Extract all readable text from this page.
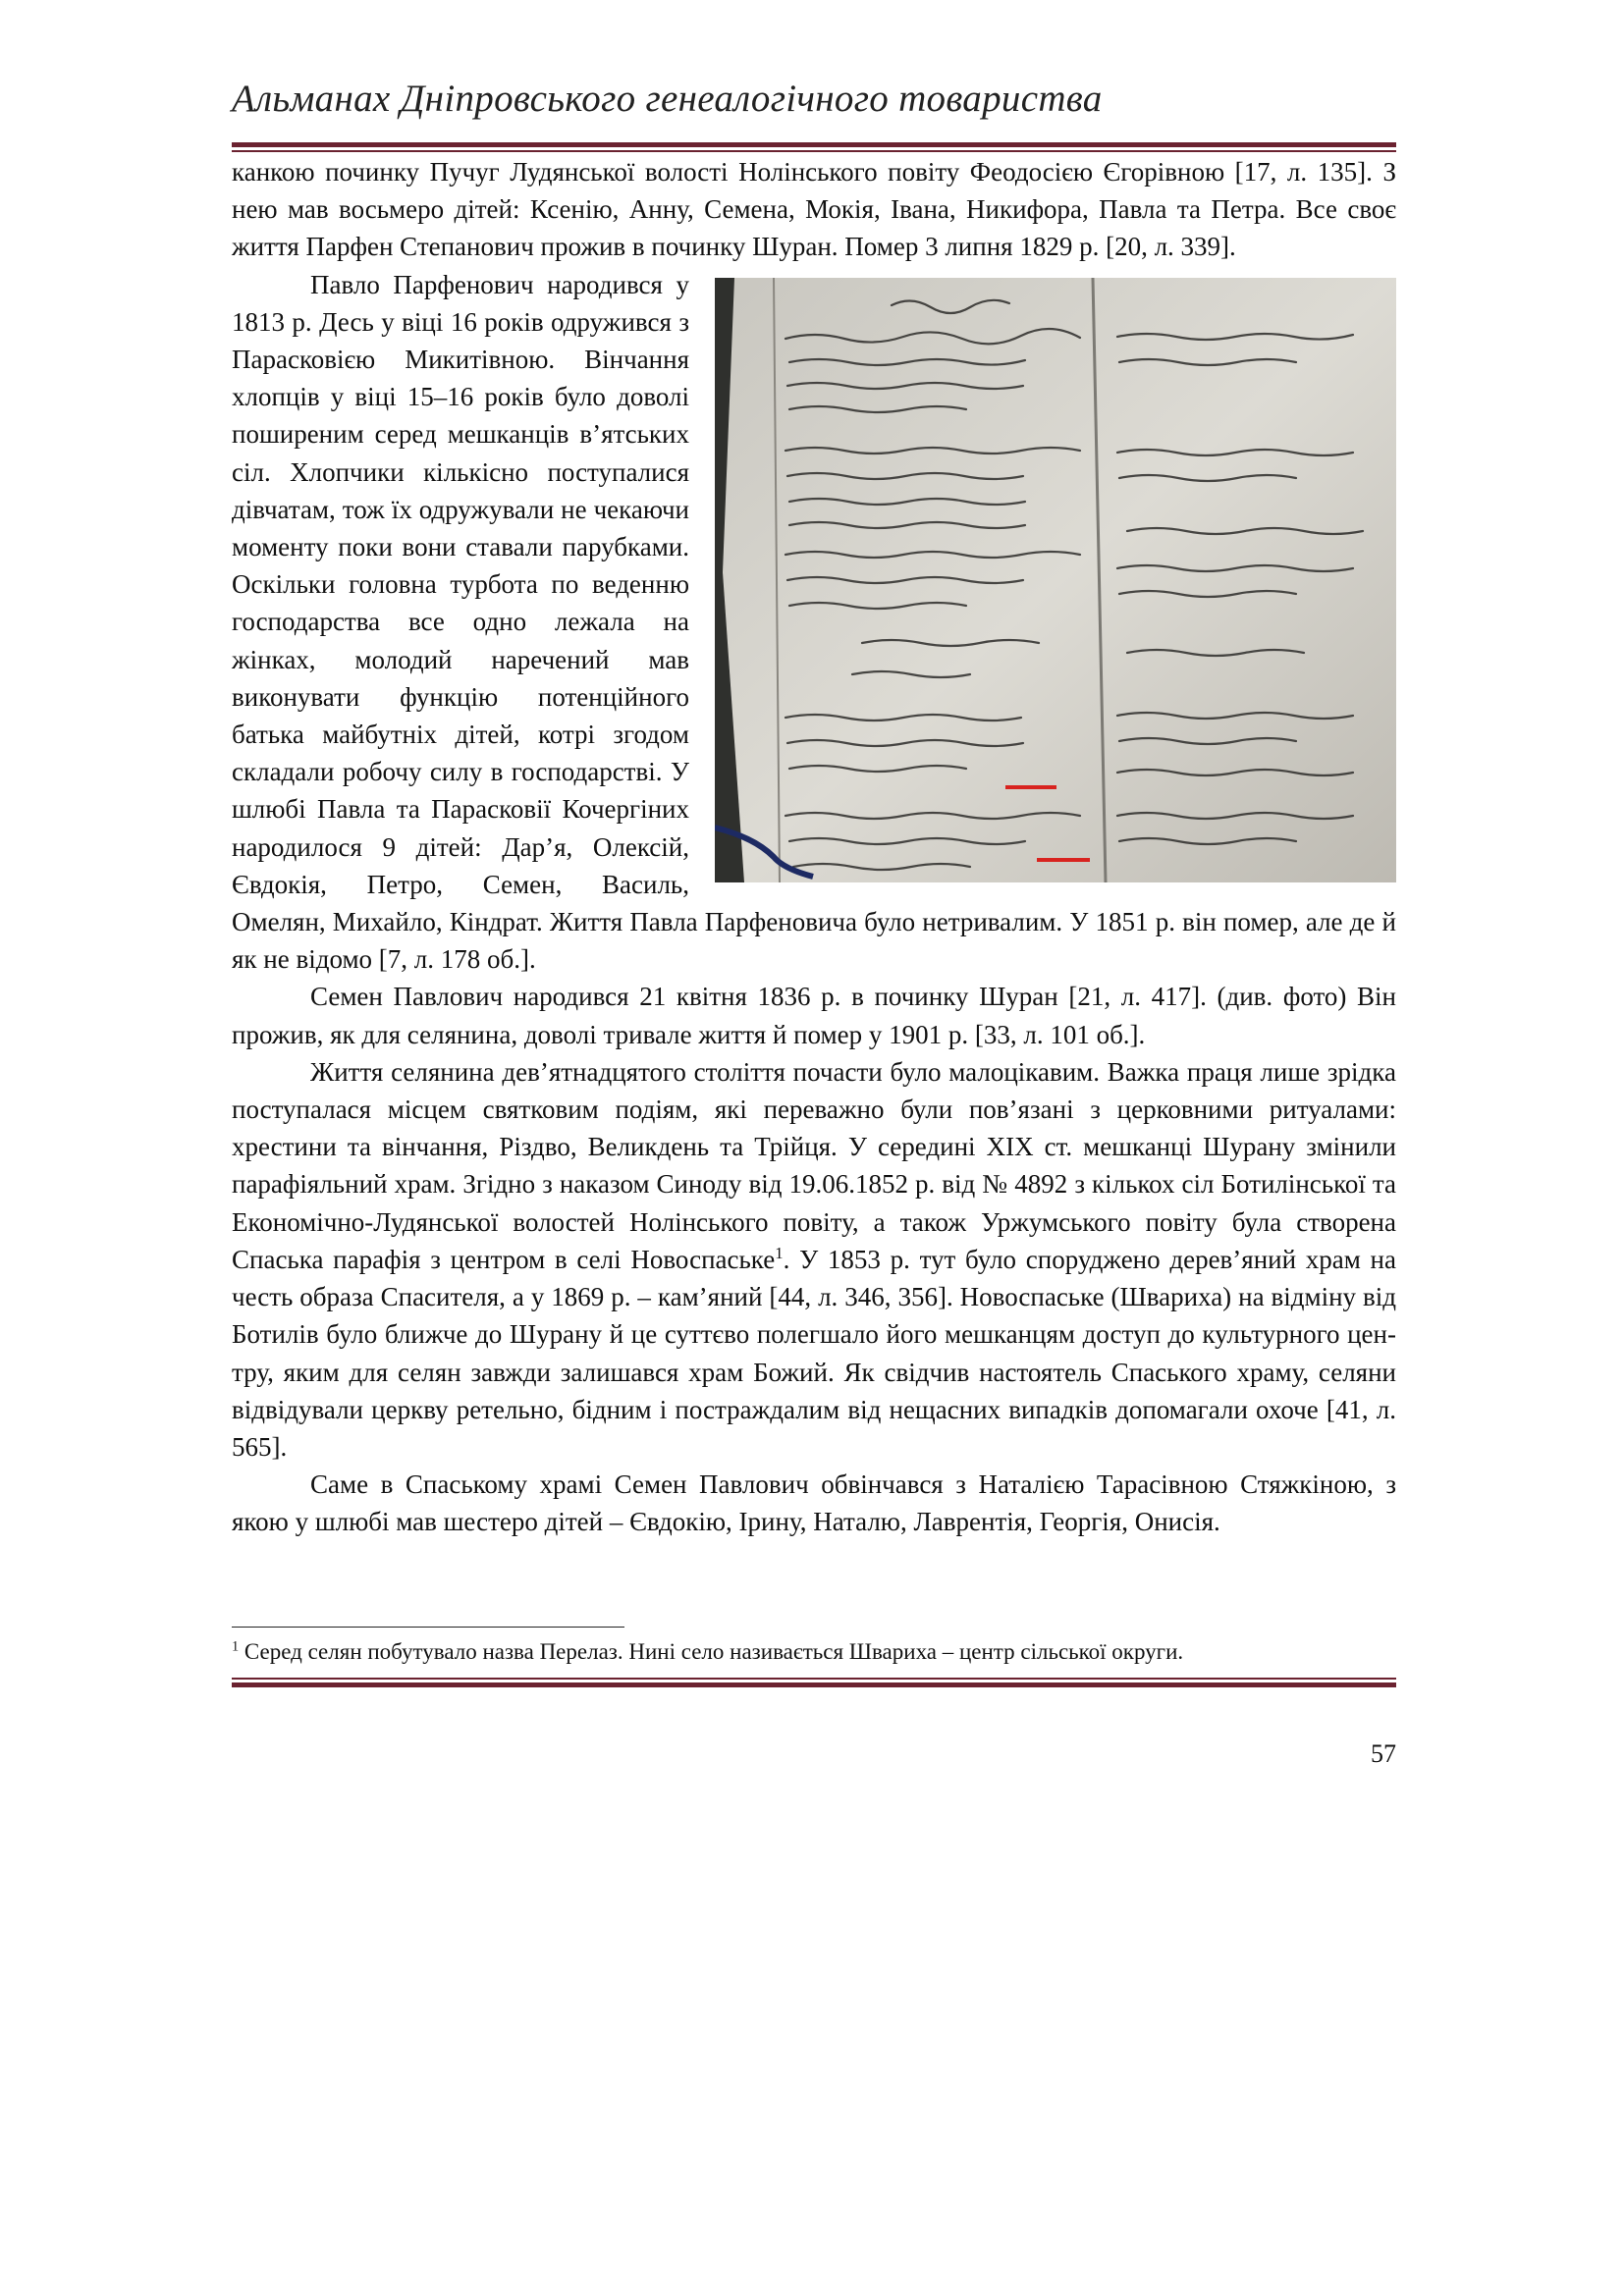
Альманах Дніпровського генеалогічного товариства

канкою починку Пучуг Лудянської волості Нолінського повіту Феодосією Єгорівною [17, л. 135]. З нею мав восьмеро дітей: Ксенію, Анну, Семена, Мокія, Івана, Никифора, Павла та Петра. Все своє життя Парфен Степанович прожив в починку Шуран. Помер 3 липня 1829 р. [20, л. 339].

Павло Парфенович народився у 1813 р. Десь у віці 16 років одружився з Парасковією Микитівною. Вінчання хлопців у віці 15–16 років було доволі поширеним серед мешканців в’ятських сіл. Хлопчики кількісно поступалися дівчатам, тож їх одружували не чекаючи моменту поки вони ставали парубками. Оскільки головна турбота по веденню господарства все одно лежала на жінках, молодий наречений мав виконувати функцію потенційного батька майбутніх дітей, котрі згодом складали робочу силу в господарстві. У шлюбі Павла та Парасковії Кочергіних народилося 9 дітей: Дар’я, Олексій, Євдокія, Петро, Семен, Василь, Омелян, Михайло, Кіндрат. Життя Павла Парфеновича було нетривалим. У 1851 р. він помер, але де й як не відомо [7, л. 178 об.].

Семен Павлович народився 21 квітня 1836 р. в починку Шуран [21, л. 417]. (див. фото) Він прожив, як для селянина, доволі тривале життя й помер у 1901 р. [33, л. 101 об.].

Життя селянина дев’ятнадцятого століття почасти було малоцікавим. Важка праця лише зрідка поступалася місцем святковим подіям, які переважно були пов’язані з церковними ритуалами: хрестини та вінчання, Різдво, Великдень та Трійця. У середині ХІХ ст. мешканці Шурану змінили парафіяльний храм. Згідно з наказом Синоду від 19.06.1852 р. від № 4892 з кількох сіл Ботилінської та Економічно-Лудянської волостей Нолінського повіту, а також Уржумського повіту була створена Спаська парафія з центром в селі Новоспаське$^1$. У 1853 р. тут було споруджено дерев’яний храм на честь образа Спасителя, а у 1869 р. – кам’яний [44, л. 346, 356]. Новоспаське (Швариха) на відміну від Ботилів було ближче до Шурану й це суттєво полегшало його мешканцям доступ до культурного центру, яким для селян завжди залишався храм Божий. Як свідчив настоятель Спаського храму, селяни відвідували церкву ретельно, бідним і постраждалим від нещасних випадків допомагали охоче [41, л. 565].

Саме в Спаському храмі Семен Павлович обвінчався з Наталією Тарасівною Стяжкіною, з якою у шлюбі мав шестеро дітей – Євдокію, Ірину, Наталю, Лаврентія, Георгія, Онисія.

$^1$ Серед селян побутувало назва Перелаз. Нині село називається Швариха – центр сільської округи.
57
